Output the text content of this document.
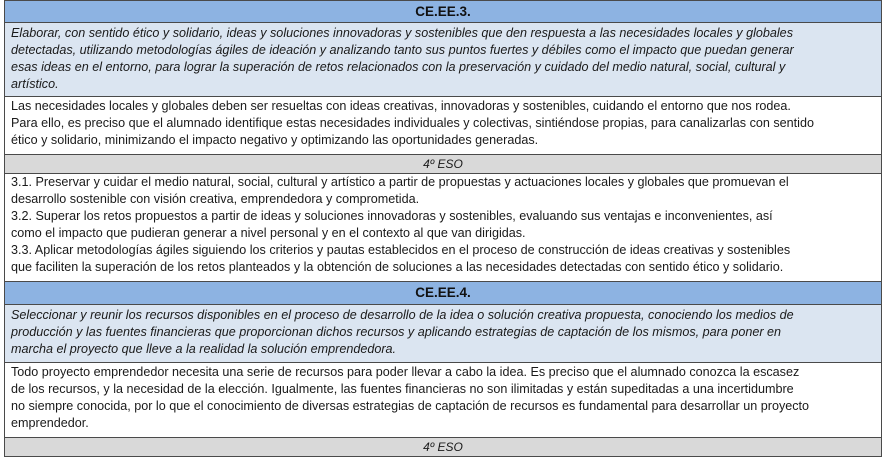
CE.EE.3.
Elaborar, con sentido ético y solidario, ideas y soluciones innovadoras y sostenibles que den respuesta a las necesidades locales y globales
detectadas, utilizando metodologías ágiles de ideación y analizando tanto sus puntos fuertes y débiles como el impacto que puedan generar
esas ideas en el entorno, para lograr la superación de retos relacionados con la preservación y cuidado del medio natural, social, cultural y
artístico.
Las necesidades locales y globales deben ser resueltas con ideas creativas, innovadoras y sostenibles, cuidando el entorno que nos rodea.
Para ello, es preciso que el alumnado identifique estas necesidades individuales y colectivas, sintiéndose propias, para canalizarlas con sentido
ético y solidario, minimizando el impacto negativo y optimizando las oportunidades generadas.
4º ESO

3.1. Preservar y cuidar el medio natural, social, cultural y artístico a partir de propuestas y actuaciones locales y globales que promuevan el
desarrollo sostenible con visión creativa, emprendedora y comprometida.

3.2. Superar los retos propuestos a partir de ideas y soluciones innovadoras y sostenibles, evaluando sus ventajas e inconvenientes, así
como el impacto que pudieran generar a nivel personal y en el contexto al que van dirigidas.

3.3. Aplicar metodologías ágiles siguiendo los criterios y pautas establecidos en el proceso de construcción de ideas creativas y sostenibles
que faciliten la superación de los retos planteados y la obtención de soluciones a las necesidades detectadas con sentido ético y solidario.

CE.EE.4.
Seleccionar y reunir los recursos disponibles en el proceso de desarrollo de la idea o solución creativa propuesta, conociendo los medios de
producción y las fuentes financieras que proporcionan dichos recursos y aplicando estrategias de captación de los mismos, para poner en
marcha el proyecto que lleve a la realidad la solución emprendedora.
Todo proyecto emprendedor necesita una serie de recursos para poder llevar a cabo la idea. Es preciso que el alumnado conozca la escasez
de los recursos, y la necesidad de la elección. Igualmente, las fuentes financieras no son ilimitadas y están supeditadas a una incertidumbre
no siempre conocida, por lo que el conocimiento de diversas estrategias de captación de recursos es fundamental para desarrollar un proyecto
emprendedor.
4º ESO
